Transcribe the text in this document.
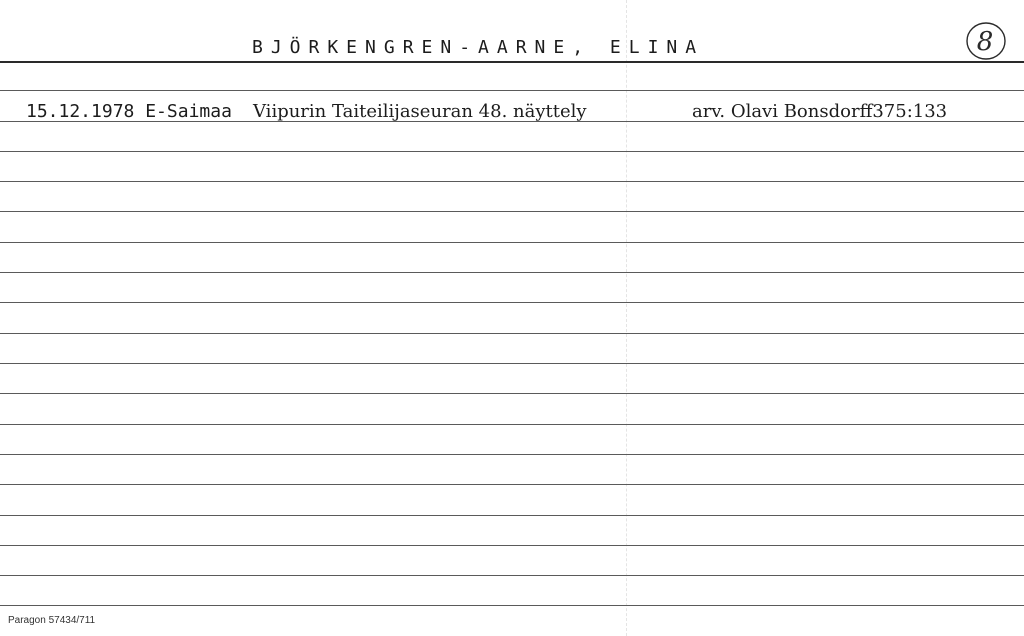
BJÖRKENGREN-AARNE, ELINA	8
15.12.1978 E-Saimaa Viipurin Taiteilijaseuran 48. näyttely	arv. Olavi Bonsdorff375:133
Paragon 57434/711
